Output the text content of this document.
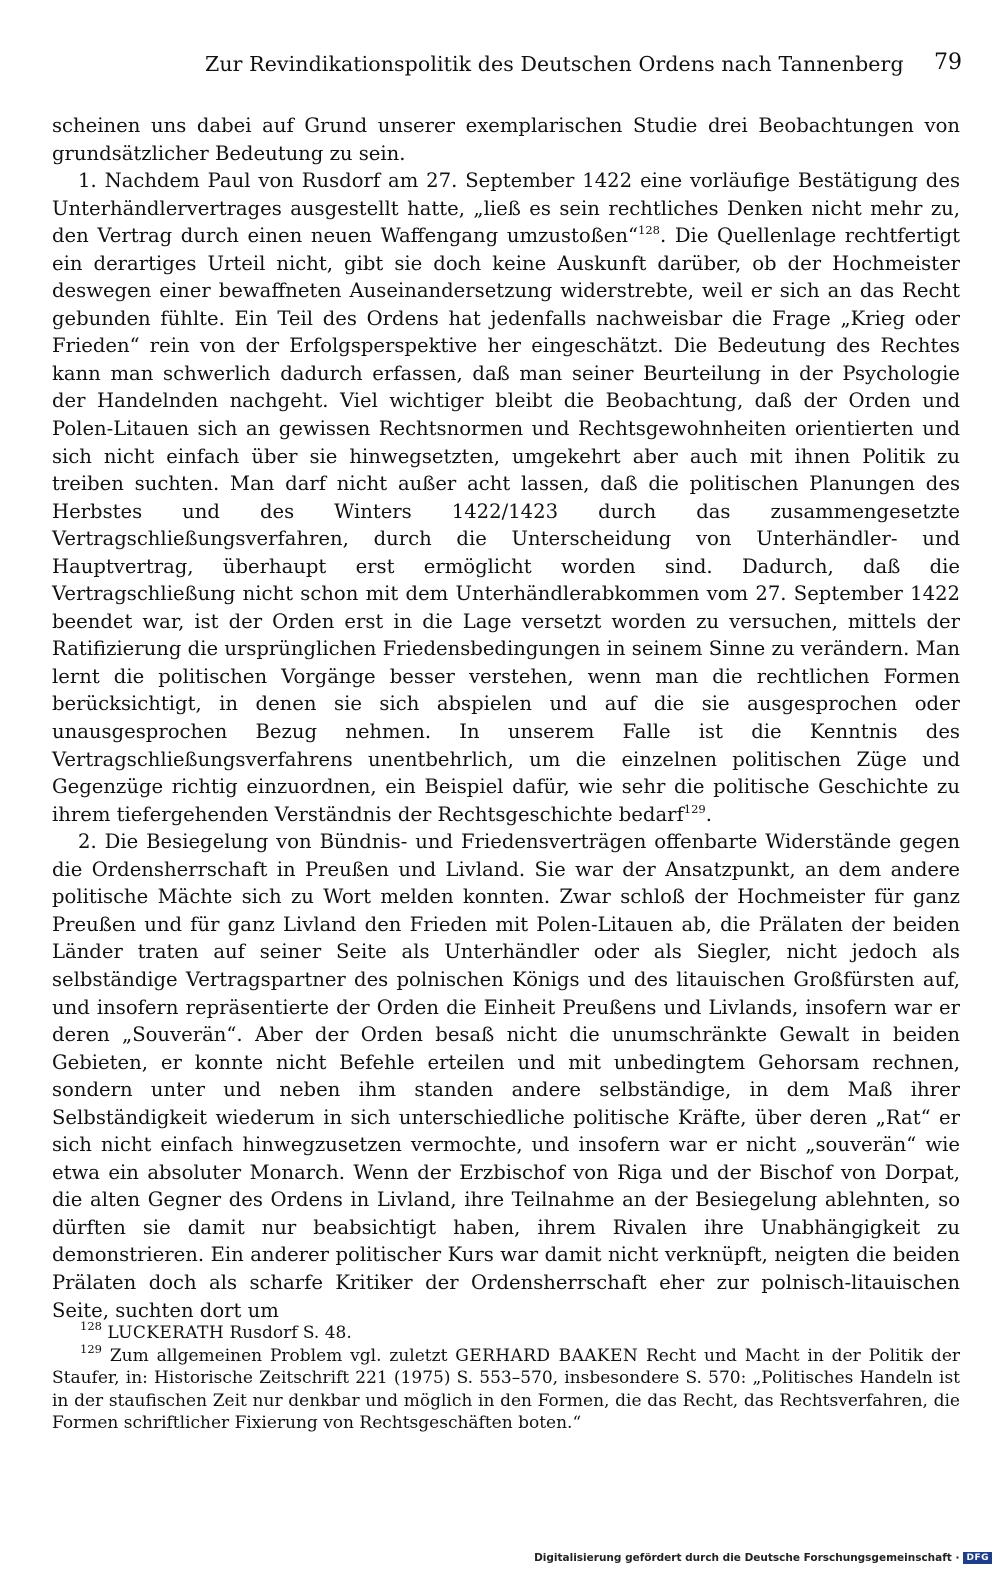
Zur Revindikationspolitik des Deutschen Ordens nach Tannenberg 79

scheinen uns dabei auf Grund unserer exemplarischen Studie drei Beobachtungen von grundsätzlicher Bedeutung zu sein.

1. Nachdem Paul von Rusdorf am 27. September 1422 eine vorläufige Bestätigung des Unterhändlervertrages ausgestellt hatte, „ließ es sein rechtliches Denken nicht mehr zu, den Vertrag durch einen neuen Waffengang umzustoßen“$^{128}$. Die Quellenlage rechtfertigt ein derartiges Urteil nicht, gibt sie doch keine Auskunft darüber, ob der Hochmeister deswegen einer bewaffneten Auseinandersetzung widerstrebte, weil er sich an das Recht gebunden fühlte. Ein Teil des Ordens hat jedenfalls nachweisbar die Frage „Krieg oder Frieden“ rein von der Erfolgsperspektive her eingeschätzt. Die Bedeutung des Rechtes kann man schwerlich dadurch erfassen, daß man seiner Beurteilung in der Psychologie der Handelnden nachgeht. Viel wichtiger bleibt die Beobachtung, daß der Orden und Polen-Litauen sich an gewissen Rechtsnormen und Rechtsgewohnheiten orientierten und sich nicht einfach über sie hinwegsetzten, umgekehrt aber auch mit ihnen Politik zu treiben suchten. Man darf nicht außer acht lassen, daß die politischen Planungen des Herbstes und des Winters 1422/1423 durch das zusammengesetzte Vertragschließungsverfahren, durch die Unterscheidung von Unterhändler- und Hauptvertrag, überhaupt erst ermöglicht worden sind. Dadurch, daß die Vertragschließung nicht schon mit dem Unterhändlerabkommen vom 27. September 1422 beendet war, ist der Orden erst in die Lage versetzt worden zu versuchen, mittels der Ratifizierung die ursprünglichen Friedensbedingungen in seinem Sinne zu verändern. Man lernt die politischen Vorgänge besser verstehen, wenn man die rechtlichen Formen berücksichtigt, in denen sie sich abspielen und auf die sie ausgesprochen oder unausgesprochen Bezug nehmen. In unserem Falle ist die Kenntnis des Vertragschließungsverfahrens unentbehrlich, um die einzelnen politischen Züge und Gegenzüge richtig einzuordnen, ein Beispiel dafür, wie sehr die politische Geschichte zu ihrem tiefergehenden Verständnis der Rechtsgeschichte bedarf$^{129}$.

2. Die Besiegelung von Bündnis- und Friedensverträgen offenbarte Widerstände gegen die Ordensherrschaft in Preußen und Livland. Sie war der Ansatzpunkt, an dem andere politische Mächte sich zu Wort melden konnten. Zwar schloß der Hochmeister für ganz Preußen und für ganz Livland den Frieden mit Polen-Litauen ab, die Prälaten der beiden Länder traten auf seiner Seite als Unterhändler oder als Siegler, nicht jedoch als selbständige Vertragspartner des polnischen Königs und des litauischen Großfürsten auf, und insofern repräsentierte der Orden die Einheit Preußens und Livlands, insofern war er deren „Souverän“. Aber der Orden besaß nicht die unumschränkte Gewalt in beiden Gebieten, er konnte nicht Befehle erteilen und mit unbedingtem Gehorsam rechnen, sondern unter und neben ihm standen andere selbständige, in dem Maß ihrer Selbständigkeit wiederum in sich unterschiedliche politische Kräfte, über deren „Rat“ er sich nicht einfach hinwegzusetzen vermochte, und insofern war er nicht „souverän“ wie etwa ein absoluter Monarch. Wenn der Erzbischof von Riga und der Bischof von Dorpat, die alten Gegner des Ordens in Livland, ihre Teilnahme an der Besiegelung ablehnten, so dürften sie damit nur beabsichtigt haben, ihrem Rivalen ihre Unabhängigkeit zu demonstrieren. Ein anderer politischer Kurs war damit nicht verknüpft, neigten die beiden Prälaten doch als scharfe Kritiker der Ordensherrschaft eher zur polnisch-litauischen Seite, suchten dort um

$^{128}$ LUCKERATH Rusdorf S. 48.

$^{129}$ Zum allgemeinen Problem vgl. zuletzt GERHARD BAAKEN Recht und Macht in der Politik der Staufer, in: Historische Zeitschrift 221 (1975) S. 553–570, insbesondere S. 570: „Politisches Handeln ist in der staufischen Zeit nur denkbar und möglich in den Formen, die das Recht, das Rechtsverfahren, die Formen schriftlicher Fixierung von Rechtsgeschäften boten.“

Digitalisierung gefördert durch die Deutsche Forschungsgemeinschaft · DFG
